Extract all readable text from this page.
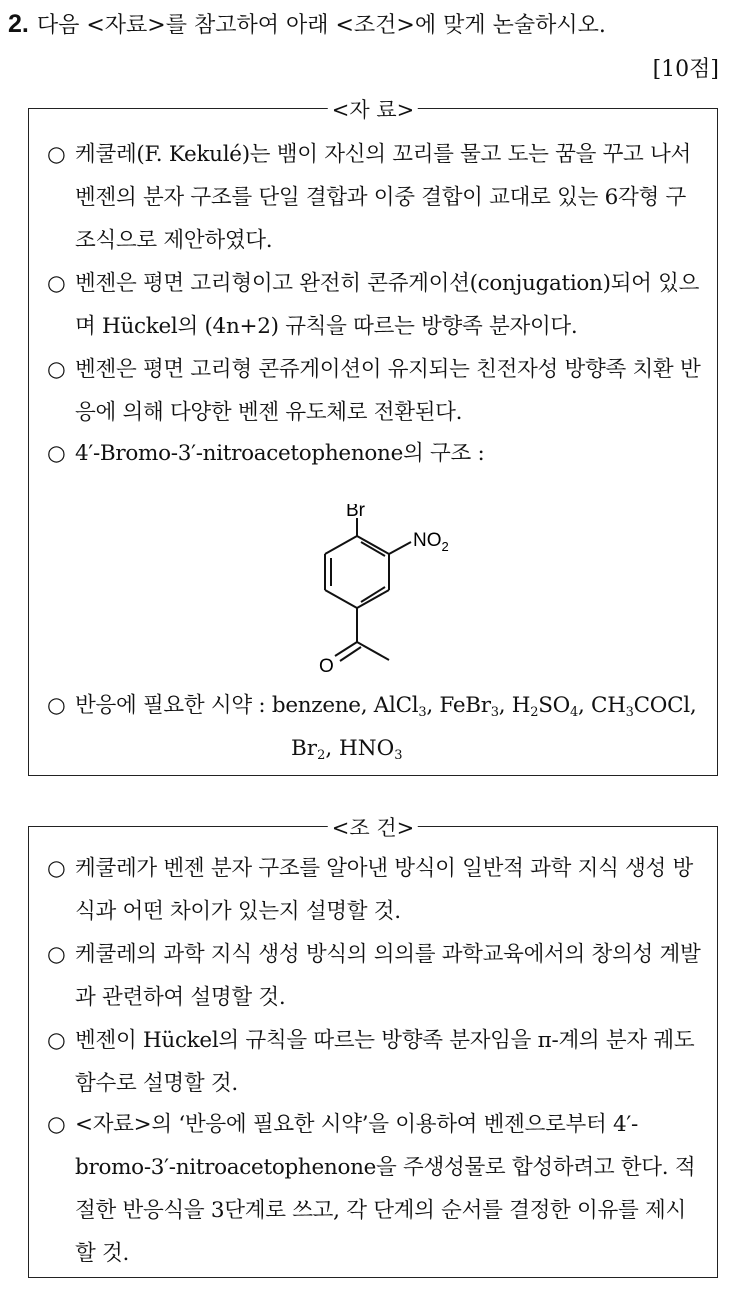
2. 다음 <자료>를 참고하여 아래 <조건>에 맞게 논술하시오.
[10점]
<자 료>
○ 케쿨레(F. Kekulé)는 뱀이 자신의 꼬리를 물고 도는 꿈을 꾸고 나서 벤젠의 분자 구조를 단일 결합과 이중 결합이 교대로 있는 6각형 구조식으로 제안하였다.
○ 벤젠은 평면 고리형이고 완전히 콘쥬게이션(conjugation)되어 있으며 Hückel의 (4n+2) 규칙을 따르는 방향족 분자이다.
○ 벤젠은 평면 고리형 콘쥬게이션이 유지되는 친전자성 방향족 치환 반응에 의해 다양한 벤젠 유도체로 전환된다.
○ 4′-Bromo-3′-nitroacetophenone의 구조 :
Br
$NO_2$
O
○ 반응에 필요한 시약 : benzene, AlCl$_3$, FeBr$_3$, $H_2SO_4$, $CH_3COCl$,
$Br_2$, $HNO_3$
<조 건>
○ 케쿨레가 벤젠 분자 구조를 알아낸 방식이 일반적 과학 지식 생성 방식과 어떤 차이가 있는지 설명할 것.
○ 케쿨레의 과학 지식 생성 방식의 의의를 과학교육에서의 창의성 계발과 관련하여 설명할 것.
○ 벤젠이 Hückel의 규칙을 따르는 방향족 분자임을 π-계의 분자 궤도함수로 설명할 것.
○ <자료>의 ‘반응에 필요한 시약’을 이용하여 벤젠으로부터 4′-bromo-3′-nitroacetophenone을 주생성물로 합성하려고 한다. 적절한 반응식을 3단계로 쓰고, 각 단계의 순서를 결정한 이유를 제시할 것.
